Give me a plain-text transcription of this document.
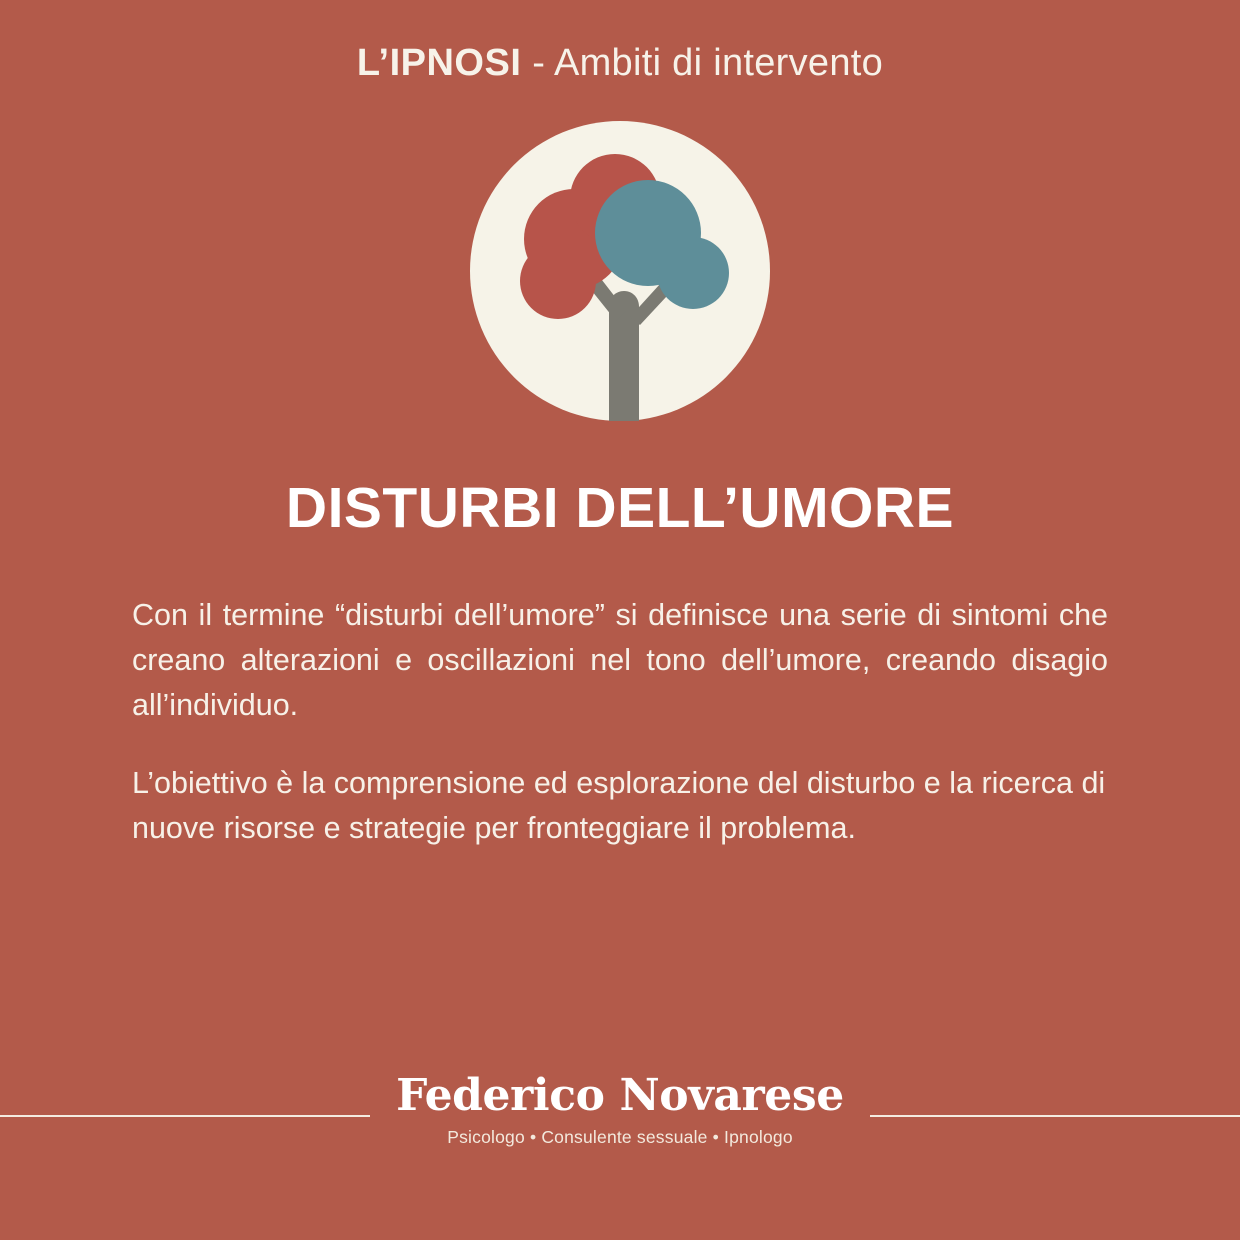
L’IPNOSI - Ambiti di intervento
DISTURBI DELL’UMORE

Con il termine “disturbi dell’umore” si definisce una serie di sintomi che creano alterazioni e oscillazioni nel tono dell’umore, creando disagio all’individuo.

L’obiettivo è la comprensione ed esplorazione del disturbo e la ricerca di nuove risorse e strategie per fronteggiare il problema.

Federico Novarese
Psicologo • Consulente sessuale • Ipnologo
